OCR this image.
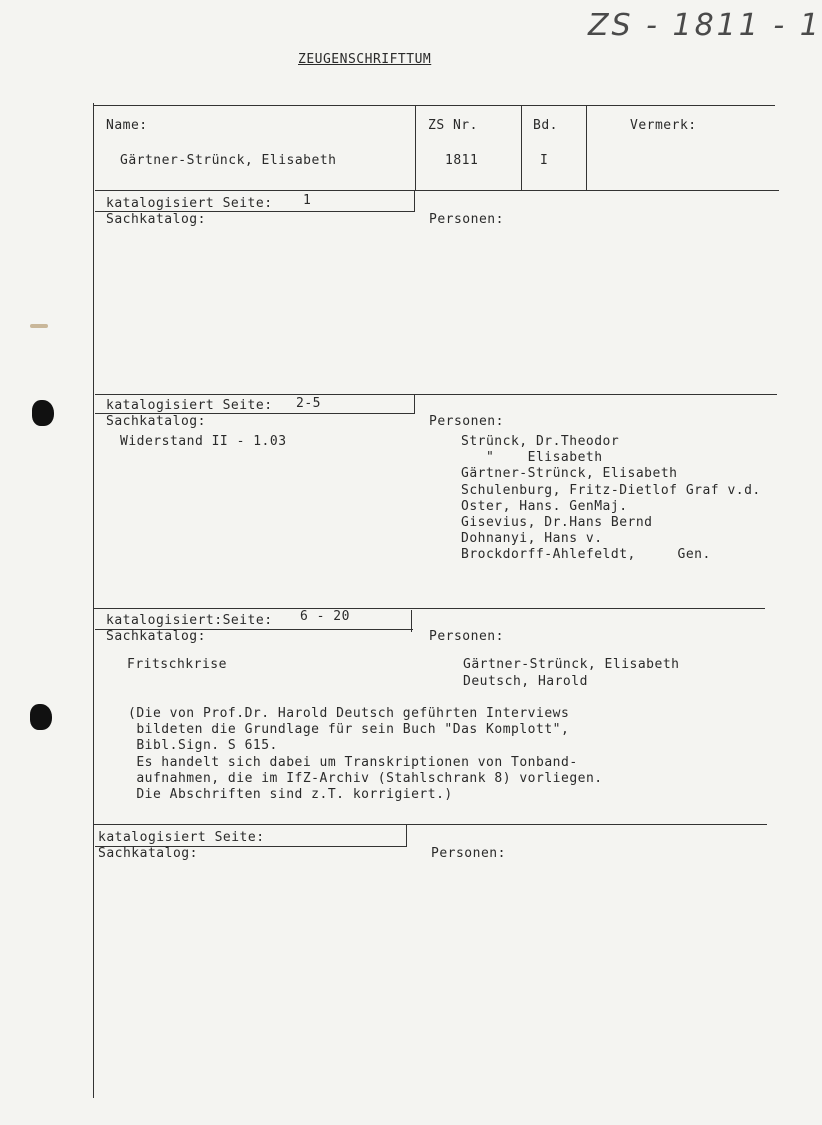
ZS - 1811 - 1
ZEUGENSCHRIFTTUM
Name:
Gärtner-Strünck, Elisabeth
ZS Nr.
1811
Bd.
I
Vermerk:
katalogisiert Seite: 1
Sachkatalog:	Personen:
katalogisiert Seite: 2-5
Sachkatalog:	Personen:
Widerstand II - 1.03	Strünck, Dr.Theodor
"    Elisabeth
Gärtner-Strünck, Elisabeth
Schulenburg, Fritz-Dietlof Graf v.d.
Oster, Hans. GenMaj.
Gisevius, Dr.Hans Bernd
Dohnanyi, Hans v.
Brockdorff-Ahlefeldt,     Gen.
katalogisiert:Seite: 6 - 20
Sachkatalog:	Personen:
Fritschkrise	Gärtner-Strünck, Elisabeth
Deutsch, Harold
(Die von Prof.Dr. Harold Deutsch geführten Interviews
bildeten die Grundlage für sein Buch "Das Komplott",
Bibl.Sign. S 615.
Es handelt sich dabei um Transkriptionen von Tonband-
aufnahmen, die im IfZ-Archiv (Stahlschrank 8) vorliegen.
Die Abschriften sind z.T. korrigiert.)
katalogisiert Seite:
Sachkatalog:	Personen:
